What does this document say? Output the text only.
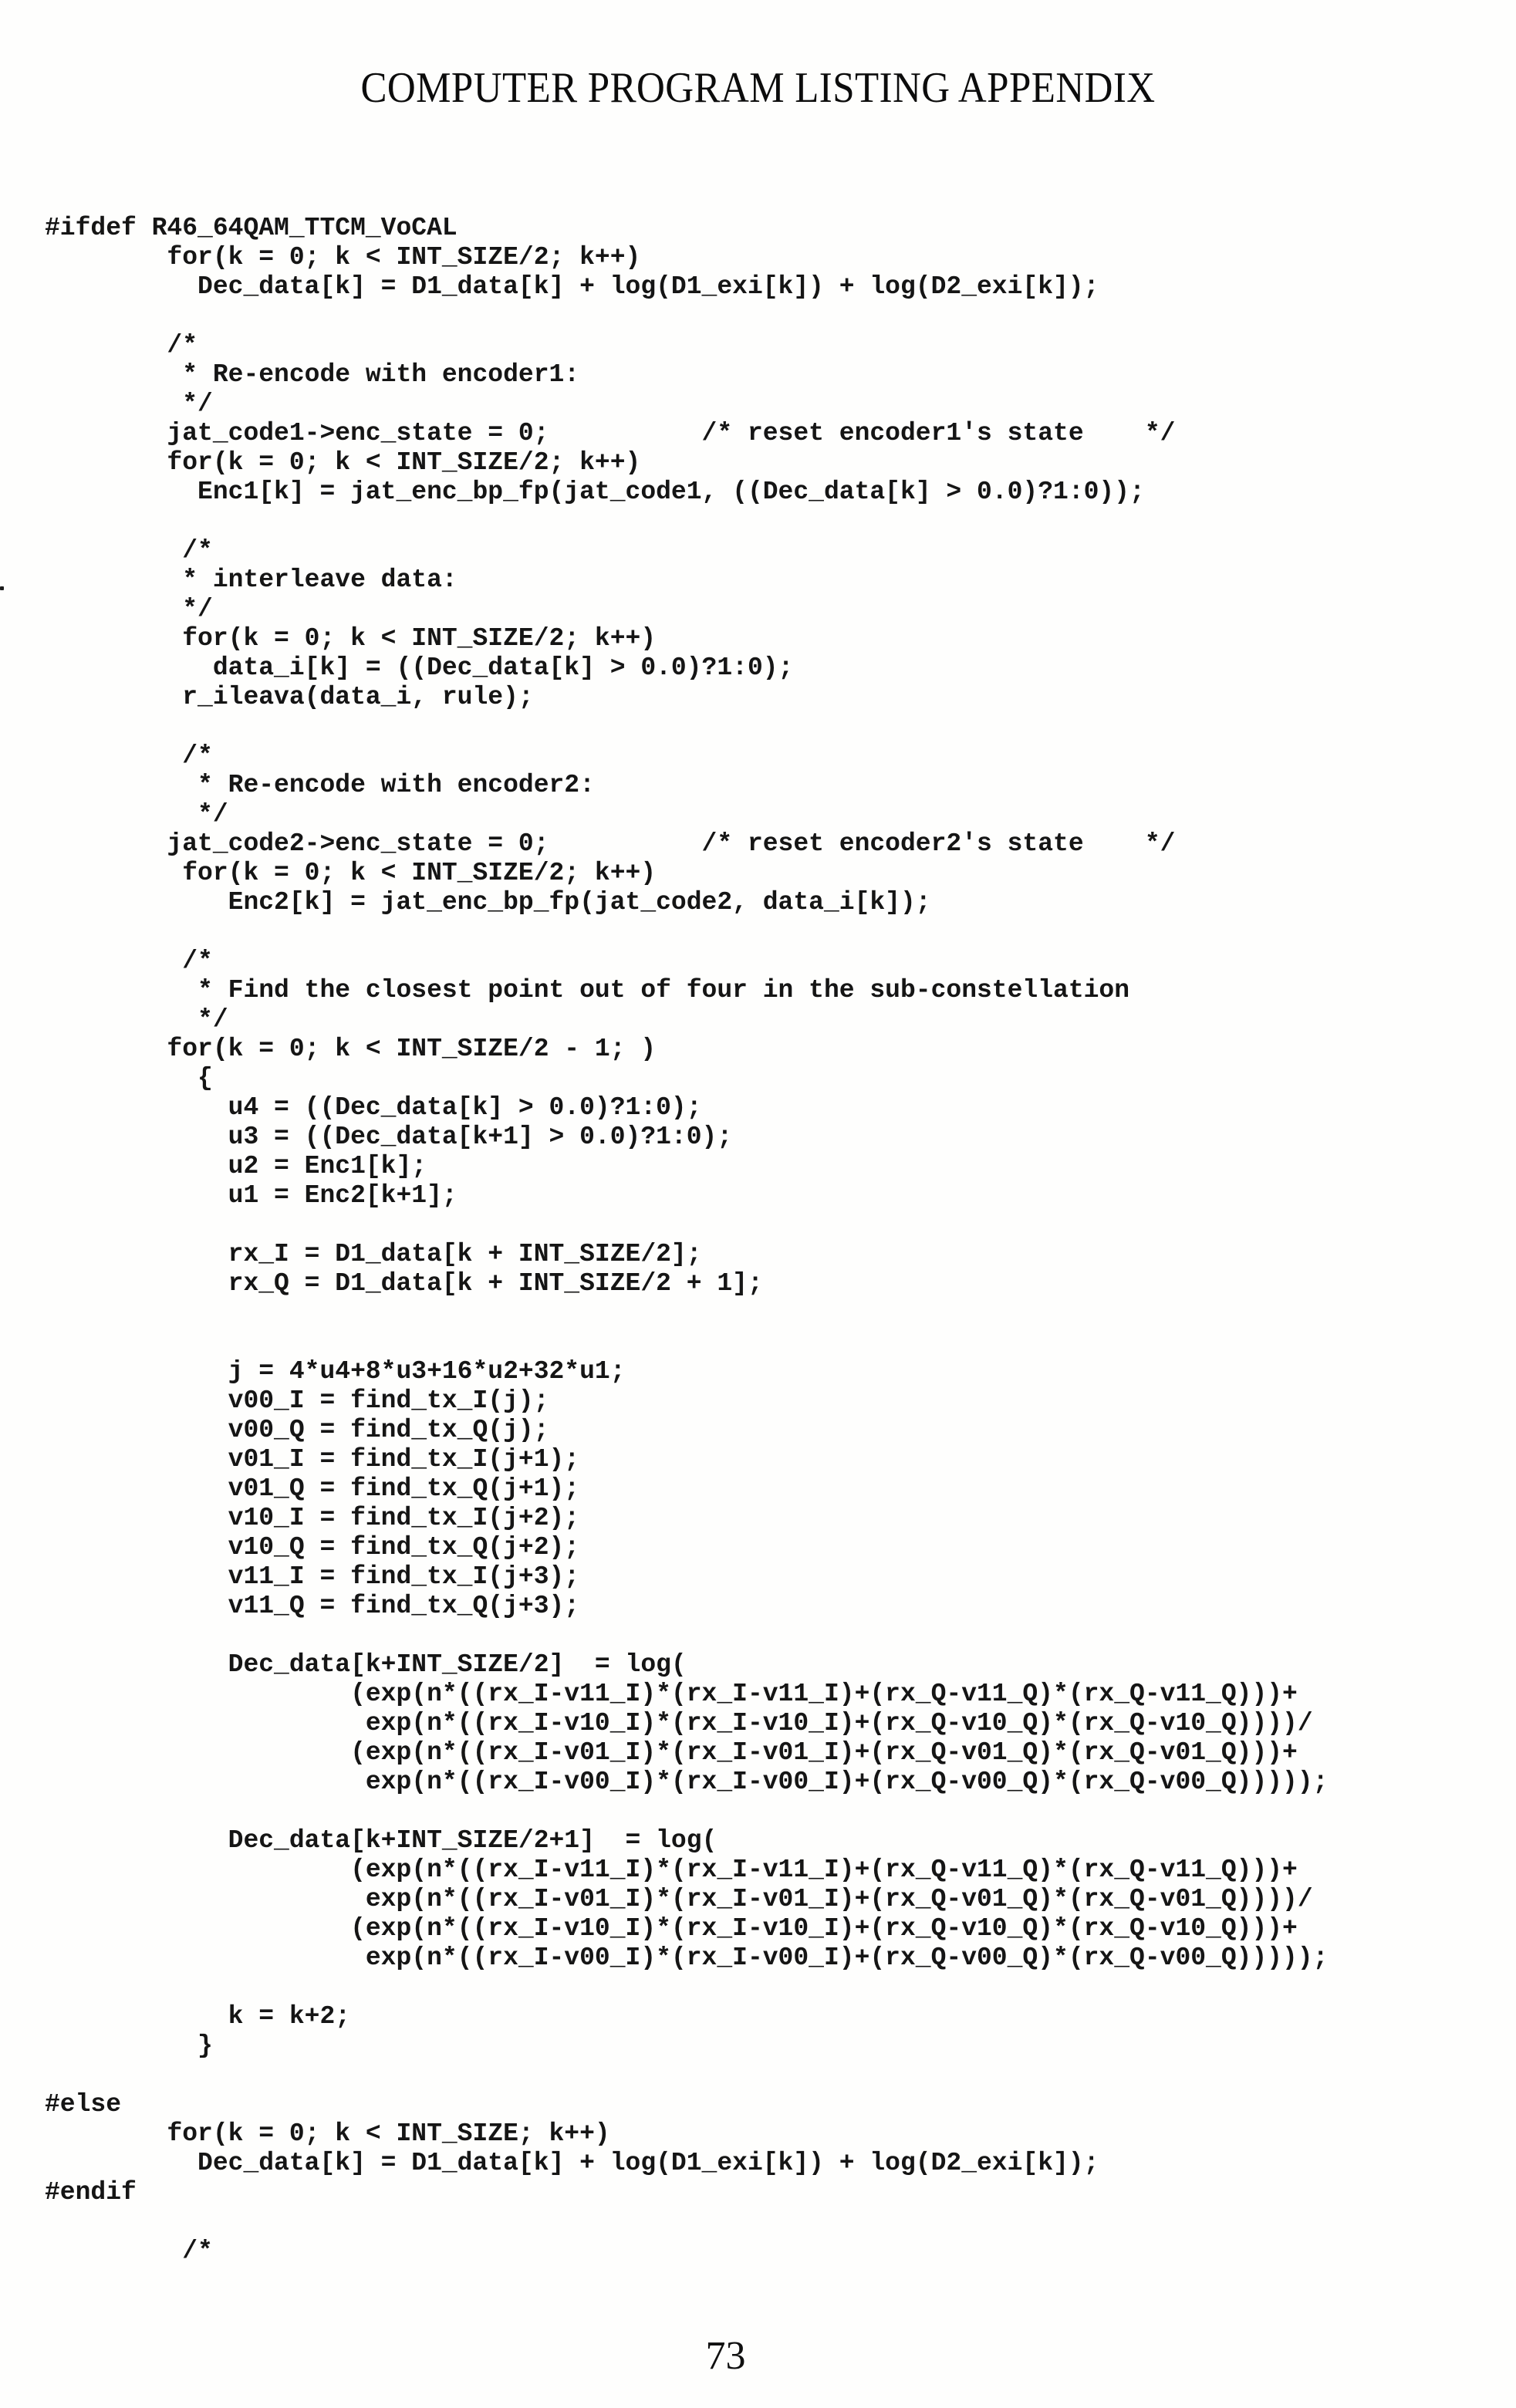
COMPUTER PROGRAM LISTING APPENDIX
#ifdef R46_64QAM_TTCM_VoCAL
for(k = 0; k < INT_SIZE/2; k++)
Dec_data[k] = D1_data[k] + log(D1_exi[k]) + log(D2_exi[k]);

/*
* Re-encode with encoder1:
*/
jat_code1->enc_state = 0;          /* reset encoder1's state    */
for(k = 0; k < INT_SIZE/2; k++)
Enc1[k] = jat_enc_bp_fp(jat_code1, ((Dec_data[k] > 0.0)?1:0));

/*
* interleave data:
*/
for(k = 0; k < INT_SIZE/2; k++)
data_i[k] = ((Dec_data[k] > 0.0)?1:0);
r_ileava(data_i, rule);

/*
* Re-encode with encoder2:
*/
jat_code2->enc_state = 0;          /* reset encoder2's state    */
for(k = 0; k < INT_SIZE/2; k++)
Enc2[k] = jat_enc_bp_fp(jat_code2, data_i[k]);

/*
* Find the closest point out of four in the sub-constellation
*/
for(k = 0; k < INT_SIZE/2 - 1; )
{
u4 = ((Dec_data[k] > 0.0)?1:0);
u3 = ((Dec_data[k+1] > 0.0)?1:0);
u2 = Enc1[k];
u1 = Enc2[k+1];

rx_I = D1_data[k + INT_SIZE/2];
rx_Q = D1_data[k + INT_SIZE/2 + 1];

j = 4*u4+8*u3+16*u2+32*u1;
v00_I = find_tx_I(j);
v00_Q = find_tx_Q(j);
v01_I = find_tx_I(j+1);
v01_Q = find_tx_Q(j+1);
v10_I = find_tx_I(j+2);
v10_Q = find_tx_Q(j+2);
v11_I = find_tx_I(j+3);
v11_Q = find_tx_Q(j+3);

Dec_data[k+INT_SIZE/2]  = log(
(exp(n*((rx_I-v11_I)*(rx_I-v11_I)+(rx_Q-v11_Q)*(rx_Q-v11_Q)))+
exp(n*((rx_I-v10_I)*(rx_I-v10_I)+(rx_Q-v10_Q)*(rx_Q-v10_Q))))/
(exp(n*((rx_I-v01_I)*(rx_I-v01_I)+(rx_Q-v01_Q)*(rx_Q-v01_Q)))+
exp(n*((rx_I-v00_I)*(rx_I-v00_I)+(rx_Q-v00_Q)*(rx_Q-v00_Q)))));

Dec_data[k+INT_SIZE/2+1]  = log(
(exp(n*((rx_I-v11_I)*(rx_I-v11_I)+(rx_Q-v11_Q)*(rx_Q-v11_Q)))+
exp(n*((rx_I-v01_I)*(rx_I-v01_I)+(rx_Q-v01_Q)*(rx_Q-v01_Q))))/
(exp(n*((rx_I-v10_I)*(rx_I-v10_I)+(rx_Q-v10_Q)*(rx_Q-v10_Q)))+
exp(n*((rx_I-v00_I)*(rx_I-v00_I)+(rx_Q-v00_Q)*(rx_Q-v00_Q)))));

k = k+2;
}

#else
for(k = 0; k < INT_SIZE; k++)
Dec_data[k] = D1_data[k] + log(D1_exi[k]) + log(D2_exi[k]);
#endif

/*
73
